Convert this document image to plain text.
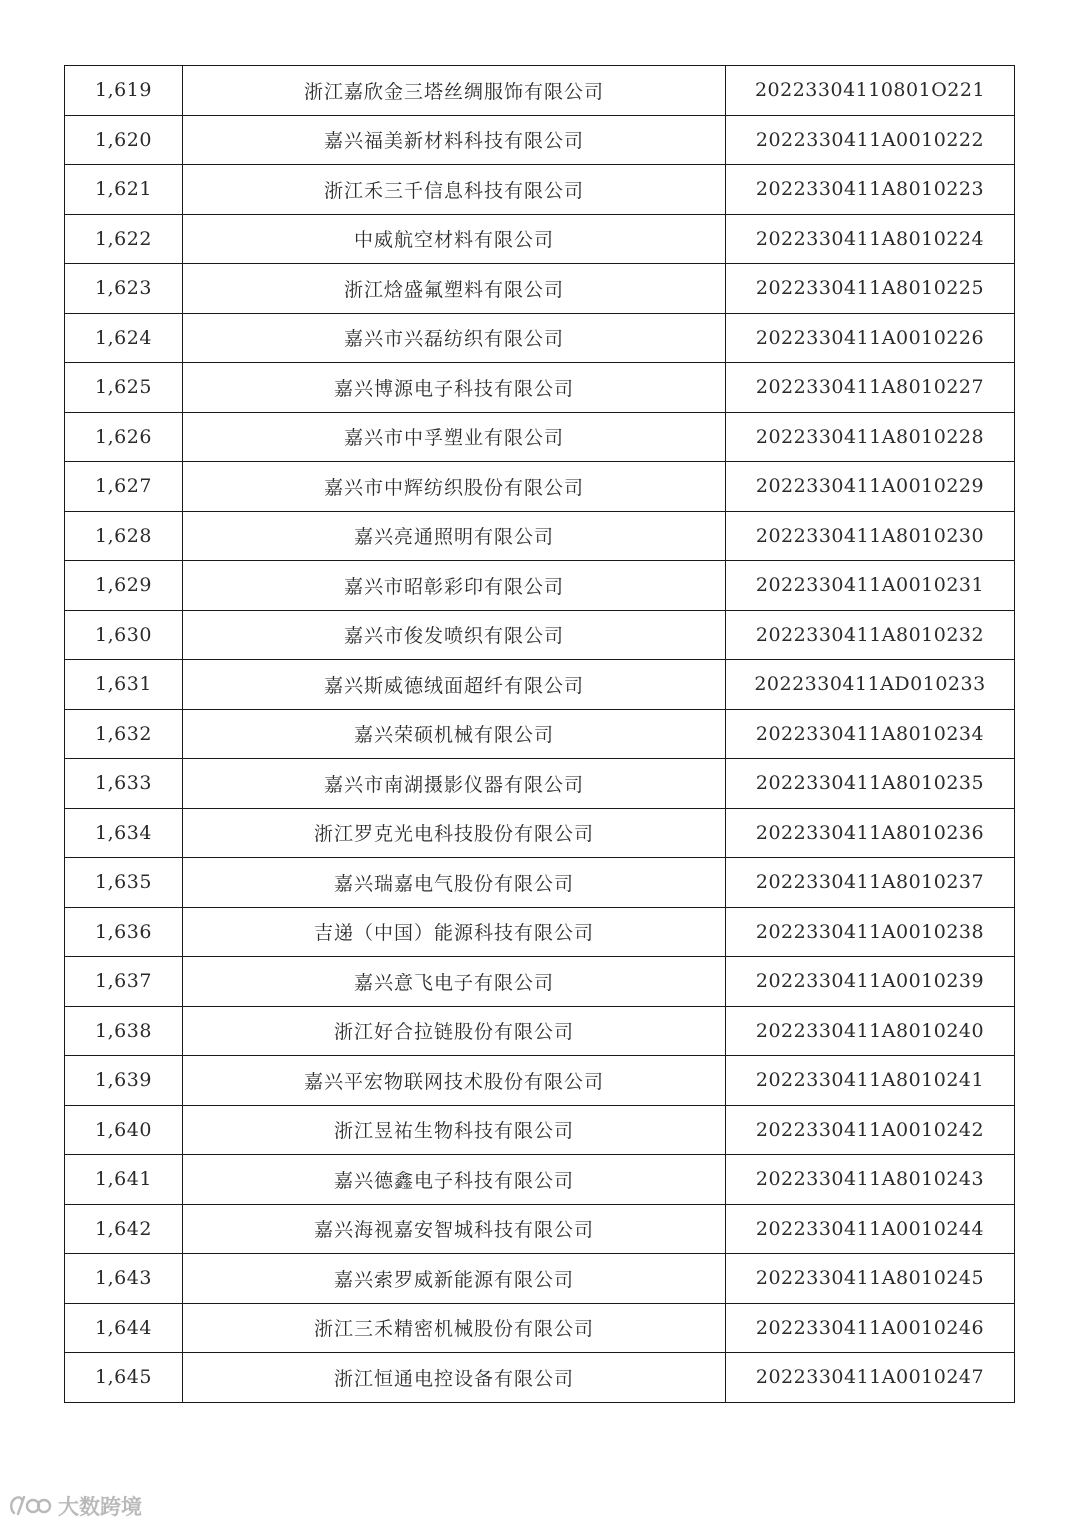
1,619	浙江嘉欣金三塔丝绸服饰有限公司	20223304110801O221
1,620	嘉兴福美新材料科技有限公司	2022330411A0010222
1,621	浙江禾三千信息科技有限公司	2022330411A8010223
1,622	中威航空材料有限公司	2022330411A8010224
1,623	浙江焓盛氟塑料有限公司	2022330411A8010225
1,624	嘉兴市兴磊纺织有限公司	2022330411A0010226
1,625	嘉兴博源电子科技有限公司	2022330411A8010227
1,626	嘉兴市中孚塑业有限公司	2022330411A8010228
1,627	嘉兴市中辉纺织股份有限公司	2022330411A0010229
1,628	嘉兴亮通照明有限公司	2022330411A8010230
1,629	嘉兴市昭彰彩印有限公司	2022330411A0010231
1,630	嘉兴市俊发喷织有限公司	2022330411A8010232
1,631	嘉兴斯威德绒面超纤有限公司	2022330411AD010233
1,632	嘉兴荣硕机械有限公司	2022330411A8010234
1,633	嘉兴市南湖摄影仪器有限公司	2022330411A8010235
1,634	浙江罗克光电科技股份有限公司	2022330411A8010236
1,635	嘉兴瑞嘉电气股份有限公司	2022330411A8010237
1,636	吉递（中国）能源科技有限公司	2022330411A0010238
1,637	嘉兴意飞电子有限公司	2022330411A0010239
1,638	浙江好合拉链股份有限公司	2022330411A8010240
1,639	嘉兴平宏物联网技术股份有限公司	2022330411A8010241
1,640	浙江昱祐生物科技有限公司	2022330411A0010242
1,641	嘉兴德鑫电子科技有限公司	2022330411A8010243
1,642	嘉兴海视嘉安智城科技有限公司	2022330411A0010244
1,643	嘉兴索罗威新能源有限公司	2022330411A8010245
1,644	浙江三禾精密机械股份有限公司	2022330411A0010246
1,645	浙江恒通电控设备有限公司	2022330411A0010247
大数跨境
